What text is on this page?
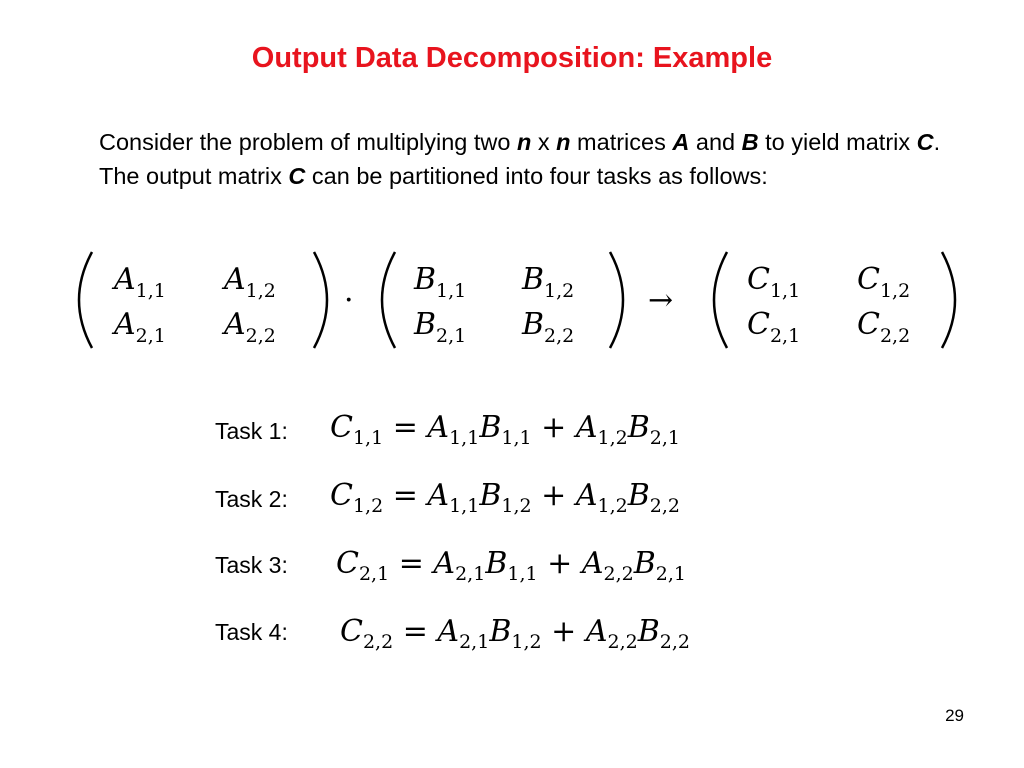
Output Data Decomposition: Example
Consider the problem of multiplying two n x n matrices A and B to yield matrix C. The output matrix C can be partitioned into four tasks as follows:
$A_{1,1}$ $A_{1,2}$
$A_{2,1}$ $A_{2,2}$
·
$B_{1,1}$ $B_{1,2}$
$B_{2,1}$ $B_{2,2}$
→
$C_{1,1}$ $C_{1,2}$
$C_{2,1}$ $C_{2,2}$
Task 1: $C_{1,1} = A_{1,1}B_{1,1} + A_{1,2}B_{2,1}$
Task 2: $C_{1,2} = A_{1,1}B_{1,2} + A_{1,2}B_{2,2}$
Task 3: $C_{2,1} = A_{2,1}B_{1,1} + A_{2,2}B_{2,1}$
Task 4: $C_{2,2} = A_{2,1}B_{1,2} + A_{2,2}B_{2,2}$
29
